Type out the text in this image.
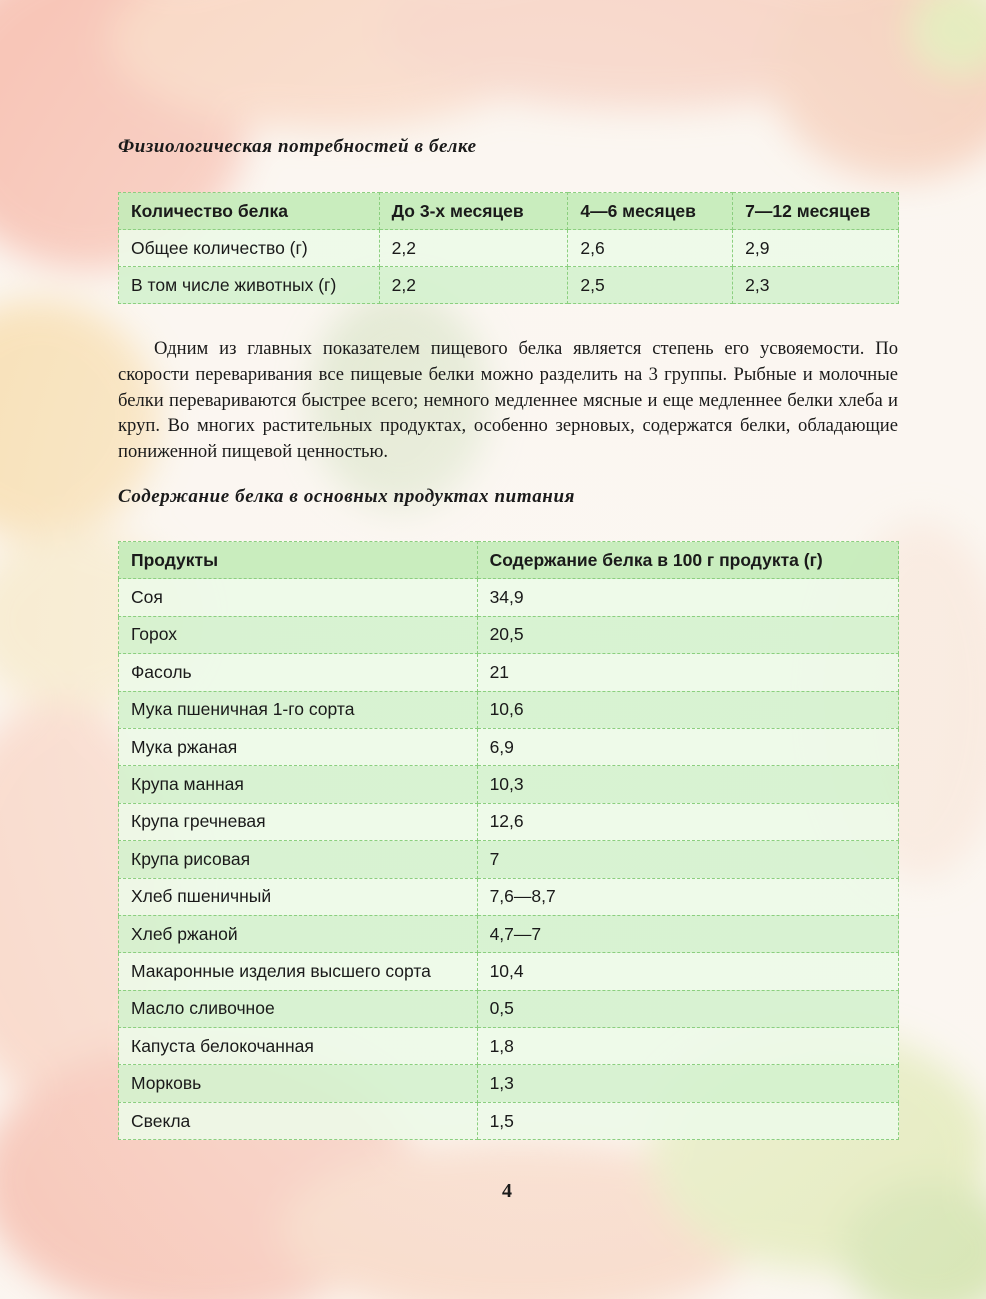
Физиологическая потребностей в белке
Количество белка	До 3-х месяцев	4—6 месяцев	7—12 месяцев
Общее количество (г)	2,2	2,6	2,9
В том числе животных (г)	2,2	2,5	2,3

Одним из главных показателем пищевого белка является степень его усвояемости. По скорости переваривания все пищевые белки можно разделить на 3 группы. Рыбные и молочные белки перевариваются быстрее всего; немного медленнее мясные и еще медленнее белки хлеба и круп. Во многих растительных продуктах, особенно зерновых, содержатся белки, обладающие пониженной пищевой ценностью.

Содержание белка в основных продуктах питания
Продукты	Содержание белка в 100 г продукта (г)
Соя	34,9
Горох	20,5
Фасоль	21
Мука пшеничная 1-го сорта	10,6
Мука ржаная	6,9
Крупа манная	10,3
Крупа гречневая	12,6
Крупа рисовая	7
Хлеб пшеничный	7,6—8,7
Хлеб ржаной	4,7—7
Макаронные изделия высшего сорта	10,4
Масло сливочное	0,5
Капуста белокочанная	1,8
Морковь	1,3
Свекла	1,5

4
